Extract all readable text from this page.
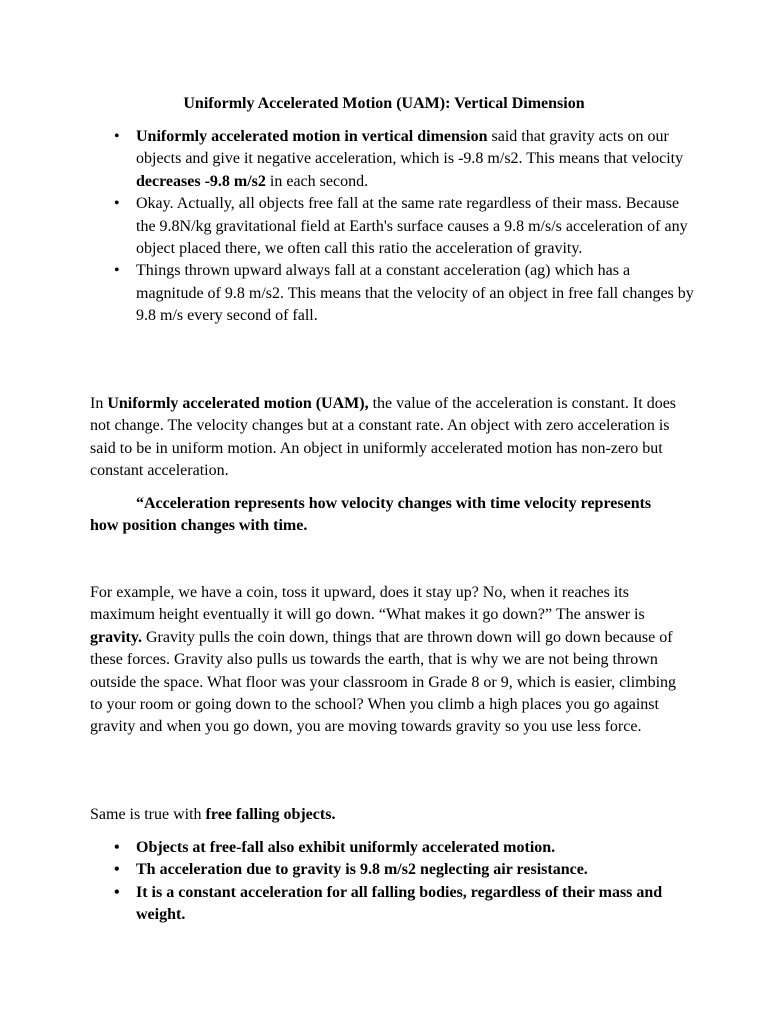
Uniformly Accelerated Motion (UAM): Vertical Dimension
• Uniformly accelerated motion in vertical dimension said that gravity acts on our objects and give it negative acceleration, which is -9.8 m/s2. This means that velocity decreases -9.8 m/s2 in each second.
• Okay. Actually, all objects free fall at the same rate regardless of their mass. Because the 9.8N/kg gravitational field at Earth's surface causes a 9.8 m/s/s acceleration of any object placed there, we often call this ratio the acceleration of gravity.
• Things thrown upward always fall at a constant acceleration (ag) which has a magnitude of 9.8 m/s2. This means that the velocity of an object in free fall changes by 9.8 m/s every second of fall.

In Uniformly accelerated motion (UAM), the value of the acceleration is constant. It does not change. The velocity changes but at a constant rate. An object with zero acceleration is said to be in uniform motion. An object in uniformly accelerated motion has non-zero but constant acceleration.

“Acceleration represents how velocity changes with time velocity represents how position changes with time.

For example, we have a coin, toss it upward, does it stay up? No, when it reaches its maximum height eventually it will go down. “What makes it go down?” The answer is gravity. Gravity pulls the coin down, things that are thrown down will go down because of these forces. Gravity also pulls us towards the earth, that is why we are not being thrown outside the space. What floor was your classroom in Grade 8 or 9, which is easier, climbing to your room or going down to the school? When you climb a high places you go against gravity and when you go down, you are moving towards gravity so you use less force.

Same is true with free falling objects.

• Objects at free-fall also exhibit uniformly accelerated motion.
• Th acceleration due to gravity is 9.8 m/s2 neglecting air resistance.
• It is a constant acceleration for all falling bodies, regardless of their mass and weight.
